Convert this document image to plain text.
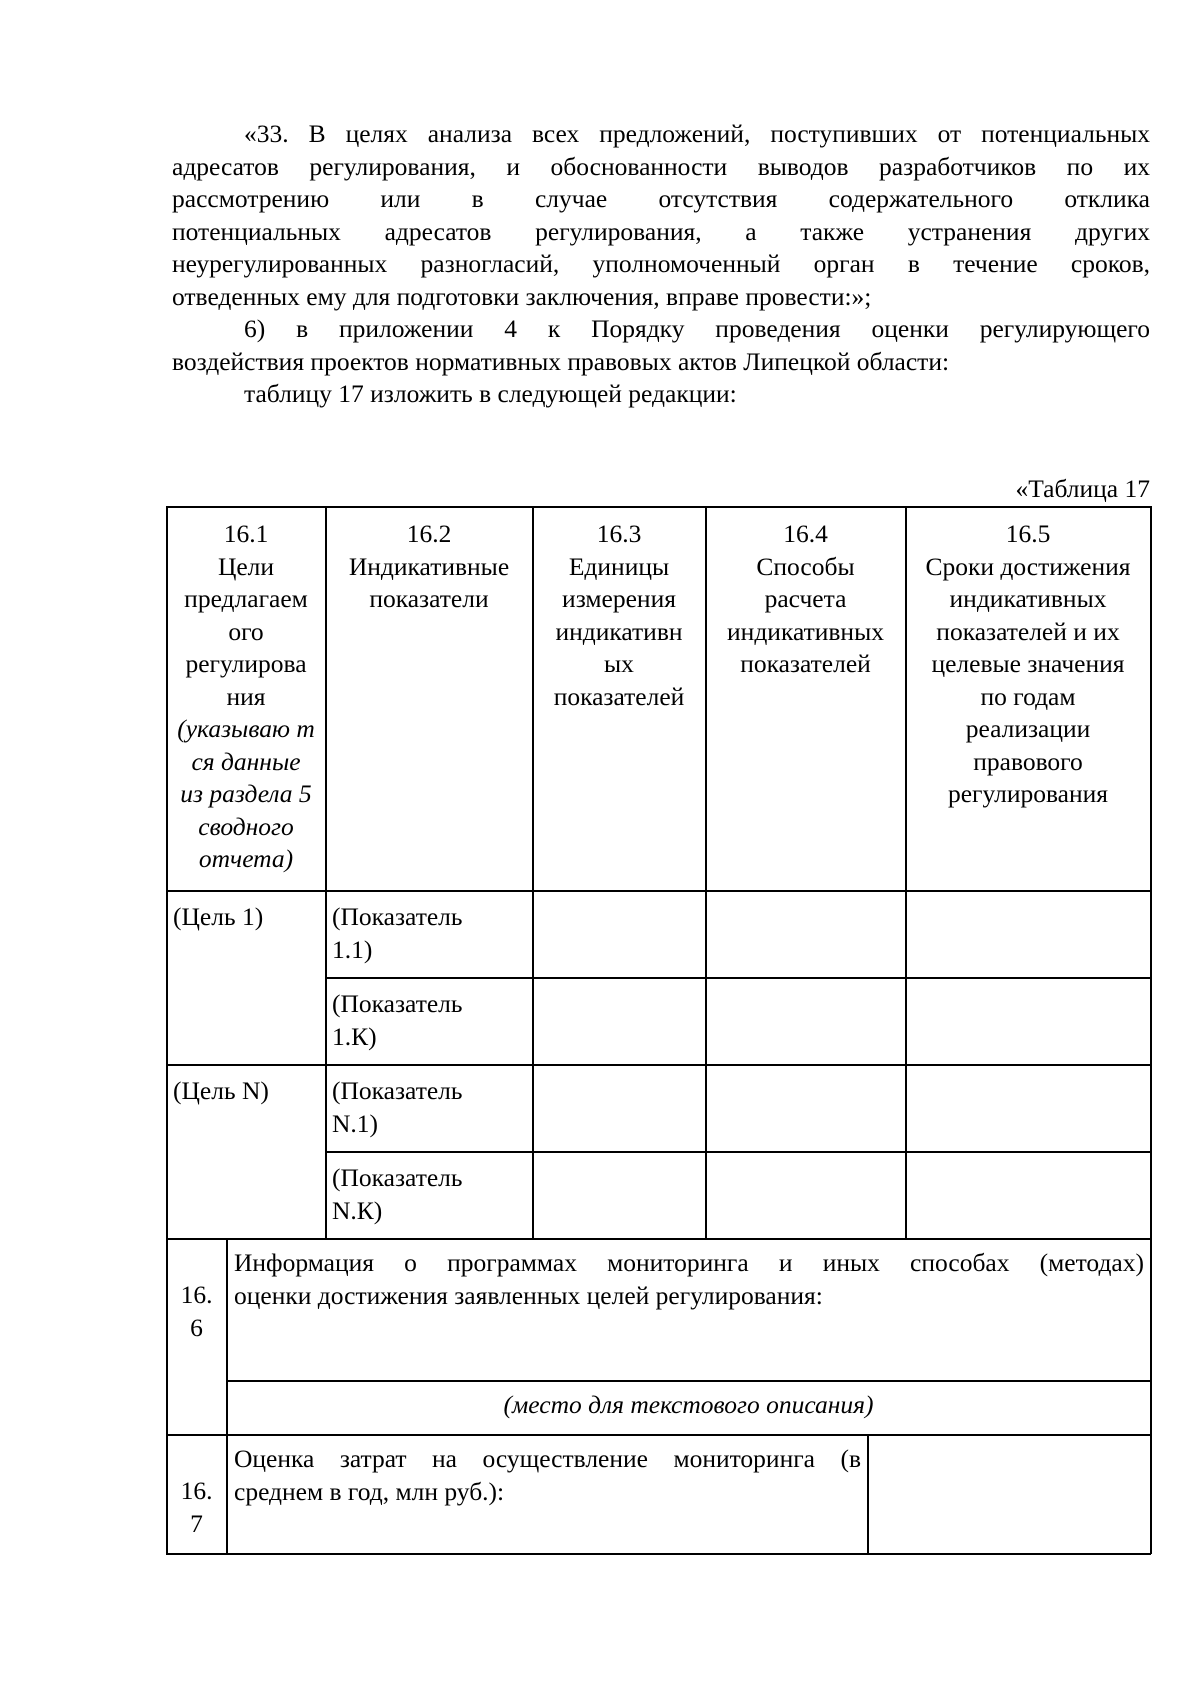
«33. В целях анализа всех предложений, поступивших от потенциальных
адресатов регулирования, и обоснованности выводов разработчиков по их
рассмотрению или в случае отсутствия содержательного отклика
потенциальных адресатов регулирования, а также устранения других
неурегулированных разногласий, уполномоченный орган в течение сроков,
отведенных ему для подготовки заключения, вправе провести:»;
6) в приложении 4 к Порядку проведения оценки регулирующего
воздействия проектов нормативных правовых актов Липецкой области:
таблицу 17 изложить в следующей редакции:
«Таблица 17
16.1
Цели
предлагаем
ого
регулирова
ния
(указываю т
ся данные
из раздела 5
сводного
отчета)
16.2
Индикативные
показатели
16.3
Единицы
измерения
индикативн
ых
показателей
16.4
Способы
расчета
индикативных
показателей
16.5
Сроки достижения
индикативных
показателей и их
целевые значения
по годам
реализации
правового
регулирования
(Цель 1)	(Показатель
1.1)
(Показатель
1.К)
(Цель N) (Показатель
N.1)
(Показатель
N.К)
16.
6
Информация о программах мониторинга и иных способах (методах)
оценки достижения заявленных целей регулирования:
(место для текстового описания)
16.
7
Оценка затрат на осуществление мониторинга (в
среднем в год, млн руб.):
